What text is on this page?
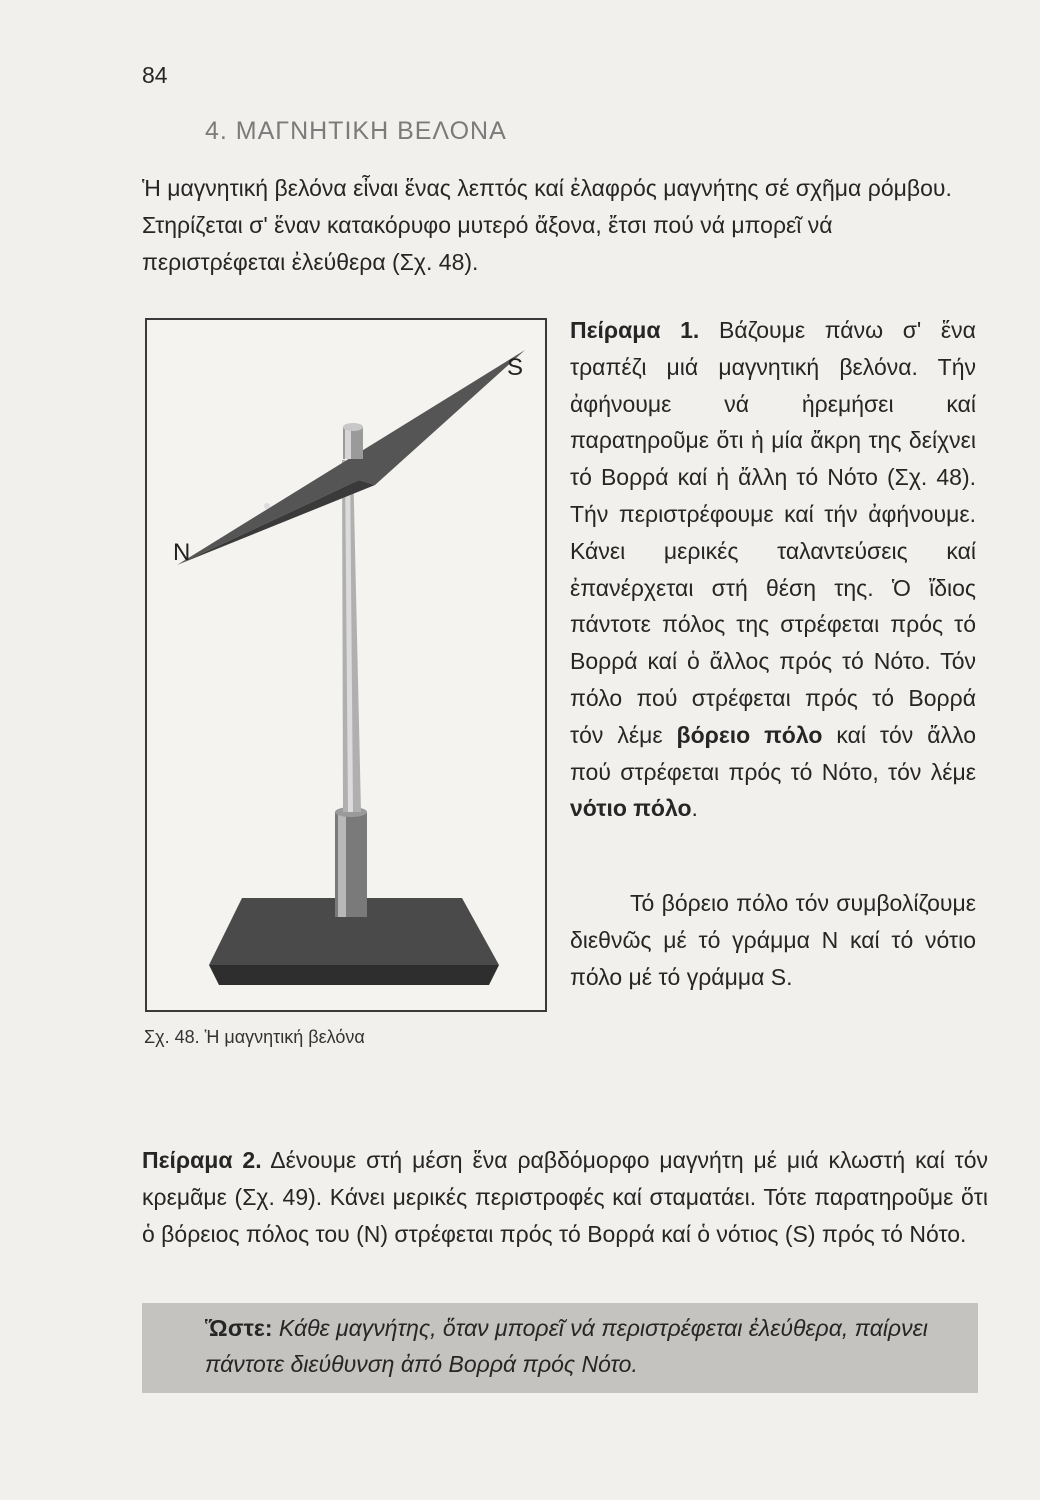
84
4. ΜΑΓΝΗΤΙΚΗ ΒΕΛΟΝΑ

Ἡ μαγνητική βελόνα εἶναι ἕνας λεπτός καί ἐλαφρός μαγνήτης σέ σχῆμα ρόμβου. Στηρίζεται σ' ἕναν κατακόρυφο μυτερό ἄξονα, ἔτσι πού νά μπορεῖ νά περιστρέφεται ἐλεύθερα (Σχ. 48).

N
S
Σχ. 48. Ἡ μαγνητική βελόνα

Πείραμα 1. Βάζουμε πάνω σ' ἕνα τραπέζι μιά μαγνητική βελόνα. Τήν ἀφήνουμε νά ἠρεμήσει καί παρατηροῦμε ὅτι ἡ μία ἄκρη της δείχνει τό Βορρά καί ἡ ἄλλη τό Νότο (Σχ. 48). Τήν περιστρέφουμε καί τήν ἀφήνουμε. Κάνει μερικές ταλαντεύσεις καί ἐπανέρχεται στή θέση της. Ὁ ἴδιος πάντοτε πόλος της στρέφεται πρός τό Βορρά καί ὁ ἄλλος πρός τό Νότο. Τόν πόλο πού στρέφεται πρός τό Βορρά τόν λέμε βόρειο πόλο καί τόν ἄλλο πού στρέφεται πρός τό Νότο, τόν λέμε νότιο πόλο.

Τό βόρειο πόλο τόν συμβολίζουμε διεθνῶς μέ τό γράμμα N καί τό νότιο πόλο μέ τό γράμμα S.

Πείραμα 2. Δένουμε στή μέση ἕνα ραβδόμορφο μαγνήτη μέ μιά κλωστή καί τόν κρεμᾶμε (Σχ. 49). Κάνει μερικές περιστροφές καί σταματάει. Τότε παρατηροῦμε ὅτι ὁ βόρειος πόλος του (N) στρέφεται πρός τό Βορρά καί ὁ νότιος (S) πρός τό Νότο.

Ὥστε: Κάθε μαγνήτης, ὅταν μπορεῖ νά περιστρέφεται ἐλεύθερα, παίρνει πάντοτε διεύθυνση ἀπό Βορρά πρός Νότο.
